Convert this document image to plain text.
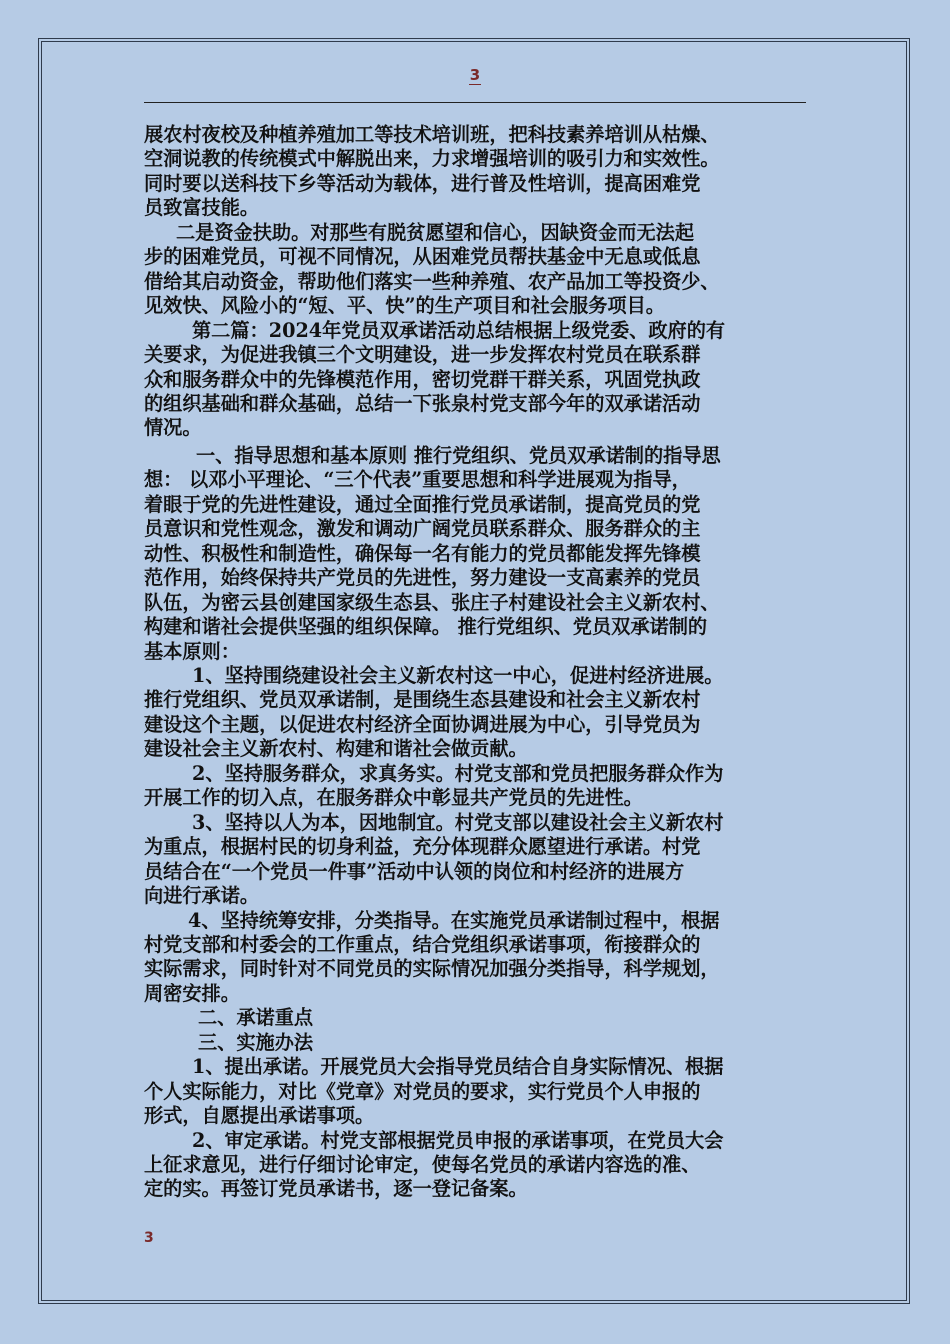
3

展农村夜校及种植养殖加工等技术培训班，把科技素养培训从枯燥、

空洞说教的传统模式中解脱出来，力求增强培训的吸引力和实效性。

同时要以送科技下乡等活动为载体，进行普及性培训，提高困难党

员致富技能。

二是资金扶助。对那些有脱贫愿望和信心，因缺资金而无法起

步的困难党员，可视不同情况，从困难党员帮扶基金中无息或低息

借给其启动资金，帮助他们落实一些种养殖、农产品加工等投资少、

见效快、风险小的“短、平、快”的生产项目和社会服务项目。

第二篇：2024年党员双承诺活动总结根据上级党委、政府的有

关要求，为促进我镇三个文明建设，进一步发挥农村党员在联系群

众和服务群众中的先锋模范作用，密切党群干群关系，巩固党执政

的组织基础和群众基础，总结一下张泉村党支部今年的双承诺活动

情况。

一、指导思想和基本原则 推行党组织、党员双承诺制的指导思

想： 以邓小平理论、“三个代表”重要思想和科学进展观为指导，

着眼于党的先进性建设，通过全面推行党员承诺制，提高党员的党

员意识和党性观念，激发和调动广阔党员联系群众、服务群众的主

动性、积极性和制造性，确保每一名有能力的党员都能发挥先锋模

范作用，始终保持共产党员的先进性，努力建设一支高素养的党员

队伍，为密云县创建国家级生态县、张庄子村建设社会主义新农村、

构建和谐社会提供坚强的组织保障。 推行党组织、党员双承诺制的

基本原则：

1、坚持围绕建设社会主义新农村这一中心，促进村经济进展。

推行党组织、党员双承诺制，是围绕生态县建设和社会主义新农村

建设这个主题，以促进农村经济全面协调进展为中心，引导党员为

建设社会主义新农村、构建和谐社会做贡献。

2、坚持服务群众，求真务实。村党支部和党员把服务群众作为

开展工作的切入点，在服务群众中彰显共产党员的先进性。

3、坚持以人为本，因地制宜。村党支部以建设社会主义新农村

为重点，根据村民的切身利益，充分体现群众愿望进行承诺。村党

员结合在“一个党员一件事”活动中认领的岗位和村经济的进展方

向进行承诺。

4、坚持统筹安排，分类指导。在实施党员承诺制过程中，根据

村党支部和村委会的工作重点，结合党组织承诺事项，衔接群众的

实际需求，同时针对不同党员的实际情况加强分类指导，科学规划，

周密安排。

二、承诺重点

三、实施办法

1、提出承诺。开展党员大会指导党员结合自身实际情况、根据

个人实际能力，对比《党章》对党员的要求，实行党员个人申报的

形式，自愿提出承诺事项。

2、审定承诺。村党支部根据党员申报的承诺事项，在党员大会

上征求意见，进行仔细讨论审定，使每名党员的承诺内容选的准、

定的实。再签订党员承诺书，逐一登记备案。

3
